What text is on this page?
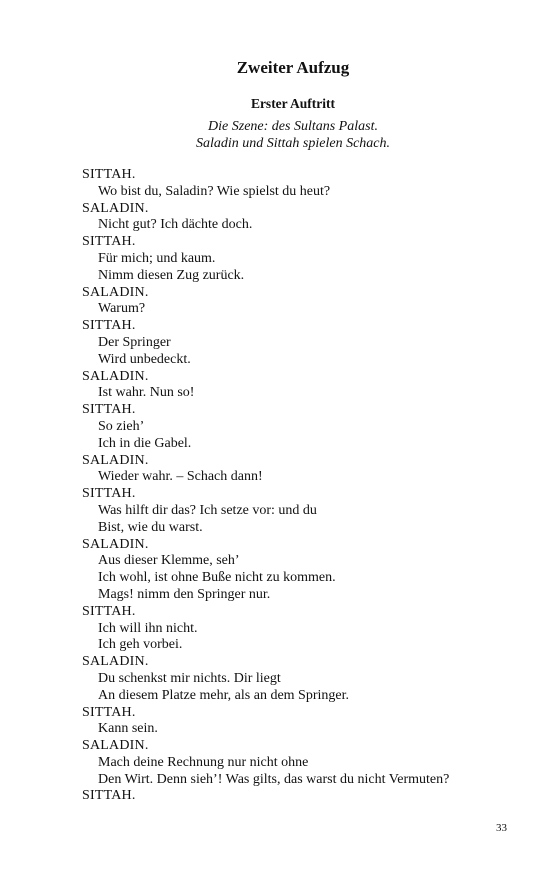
Zweiter Aufzug
Erster Auftritt
Die Szene: des Sultans Palast.
Saladin und Sittah spielen Schach.
SITTAH.
Wo bist du, Saladin? Wie spielst du heut?
SALADIN.
Nicht gut? Ich dächte doch.
SITTAH.
Für mich; und kaum.
Nimm diesen Zug zurück.
SALADIN.
Warum?
SITTAH.
Der Springer
Wird unbedeckt.
SALADIN.
Ist wahr. Nun so!
SITTAH.
So zieh’
Ich in die Gabel.
SALADIN.
Wieder wahr. – Schach dann!
SITTAH.
Was hilft dir das? Ich setze vor: und du
Bist, wie du warst.
SALADIN.
Aus dieser Klemme, seh’
Ich wohl, ist ohne Buße nicht zu kommen.
Mags! nimm den Springer nur.
SITTAH.
Ich will ihn nicht.
Ich geh vorbei.
SALADIN.
Du schenkst mir nichts. Dir liegt
An diesem Platze mehr, als an dem Springer.
SITTAH.
Kann sein.
SALADIN.
Mach deine Rechnung nur nicht ohne
Den Wirt. Denn sieh’! Was gilts, das warst du nicht Vermuten?
SITTAH.
33
